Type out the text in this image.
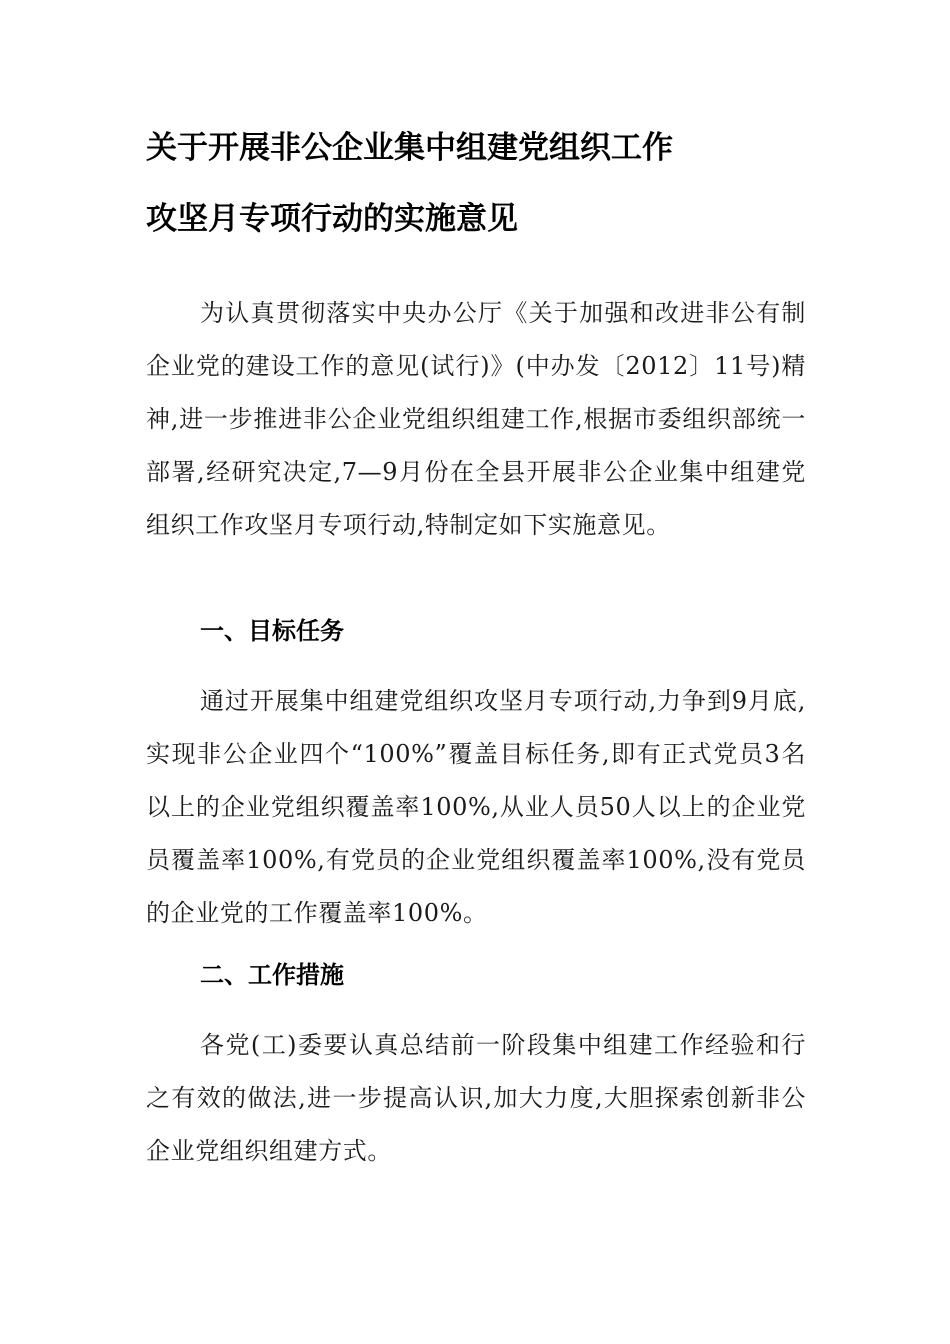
关于开展非公企业集中组建党组织工作
攻坚月专项行动的实施意见

为认真贯彻落实中央办公厅《关于加强和改进非公有制企业党的建设工作的意见(试行)》(中办发〔2012〕11号)精神,进一步推进非公企业党组织组建工作,根据市委组织部统一部署,经研究决定,7—9月份在全县开展非公企业集中组建党组织工作攻坚月专项行动,特制定如下实施意见。

一、目标任务

通过开展集中组建党组织攻坚月专项行动,力争到9月底,实现非公企业四个“100%”覆盖目标任务,即有正式党员3名以上的企业党组织覆盖率100%,从业人员50人以上的企业党员覆盖率100%,有党员的企业党组织覆盖率100%,没有党员的企业党的工作覆盖率100%。

二、工作措施

各党(工)委要认真总结前一阶段集中组建工作经验和行之有效的做法,进一步提高认识,加大力度,大胆探索创新非公企业党组织组建方式。
